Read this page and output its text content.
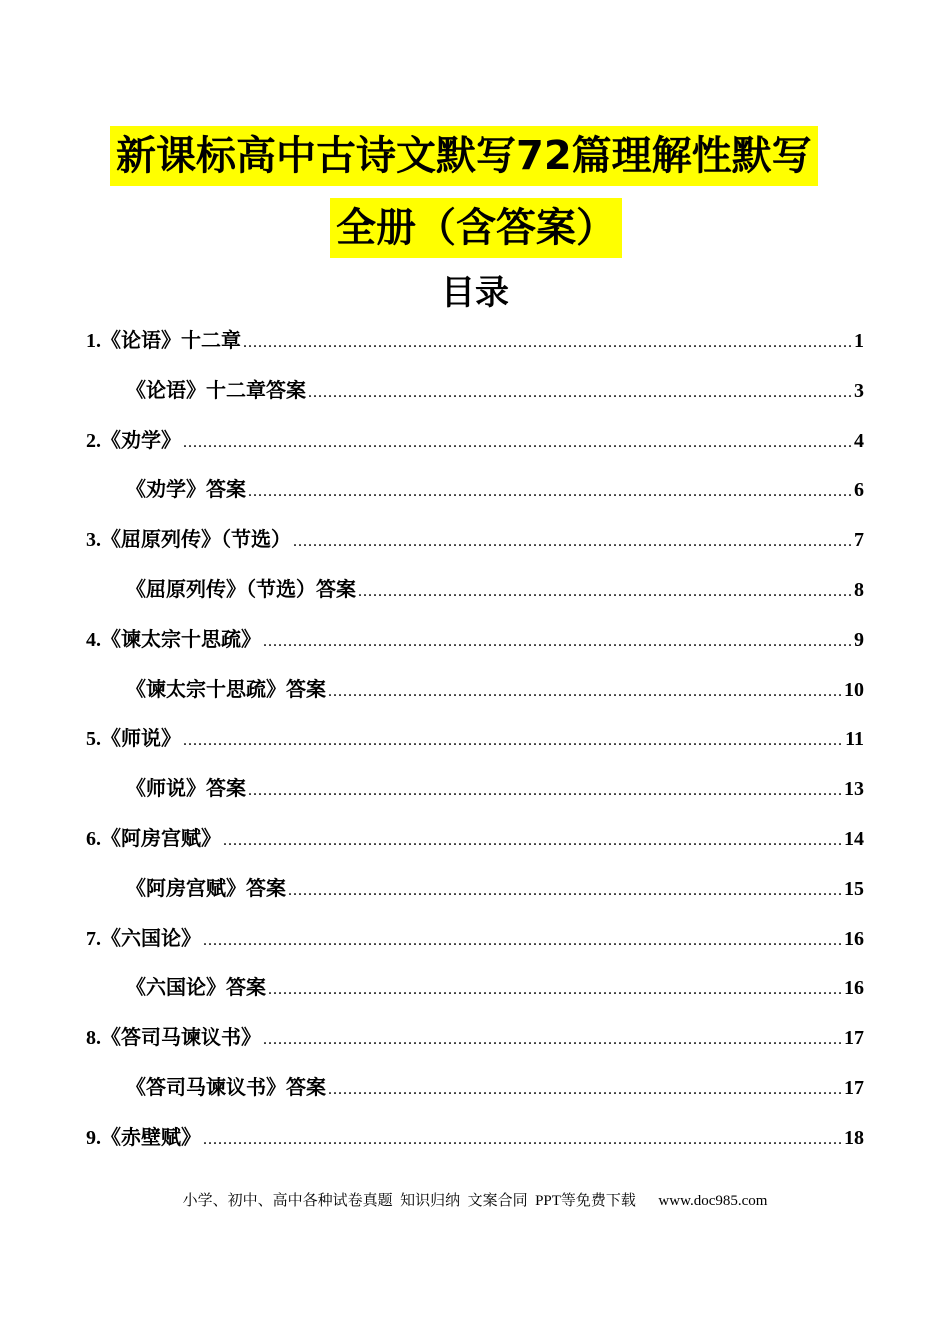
新课标高中古诗文默写72篇理解性默写
全册（含答案）
目录
1.《论语》十二章 .....	1
《论语》十二章答案 .....	3
2.《劝学》 .....	4
《劝学》答案 .....	6
3.《屈原列传》（节选） .....	7
《屈原列传》（节选）答案 .....	8
4.《谏太宗十思疏》 .....	9
《谏太宗十思疏》答案 .....	10
5.《师说》 .....	11
《师说》答案 .....	13
6.《阿房宫赋》 .....	14
《阿房宫赋》答案 .....	15
7.《六国论》 .....	16
《六国论》答案 .....	16
8.《答司马谏议书》 .....	17
《答司马谏议书》答案 .....	17
9.《赤壁赋》 .....	18
小学、初中、高中各种试卷真题  知识归纳  文案合同  PPT等免费下载 www.doc985.com
